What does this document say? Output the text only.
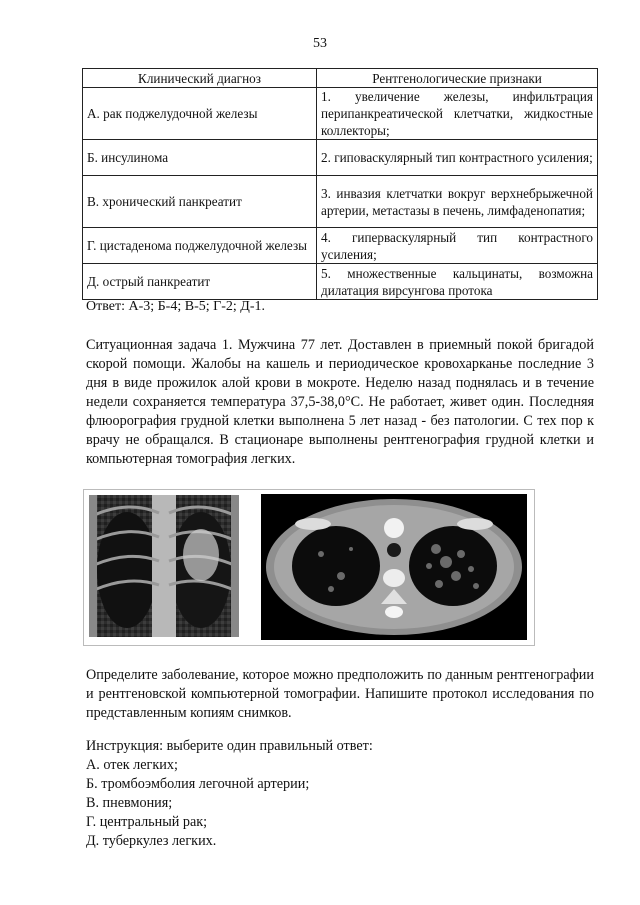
53
Клинический диагноз	Рентгенологические признаки
А. рак поджелудочной железы	1. увеличение железы, инфильтрация перипанкреатической клетчатки, жидкостные коллекторы;
Б. инсулинома	2. гиповаскулярный тип контрастного усиления;
В. хронический панкреатит	3. инвазия клетчатки вокруг верхнебрыжечной артерии, метастазы в печень, лимфаденопатия;
Г. цистаденома поджелудочной железы	4. гиперваскулярный тип контрастного усиления;
Д. острый панкреатит	5. множественные кальцинаты, возможна дилатация вирсунгова протока
Ответ: А-3; Б-4; В-5; Г-2; Д-1.
Ситуационная задача 1. Мужчина 77 лет. Доставлен в приемный покой бригадой скорой помощи. Жалобы на кашель и периодическое кровохарканье последние 3 дня в виде прожилок алой крови в мокроте. Неделю назад поднялась и в течение недели сохраняется температура 37,5-38,0°С. Не работает, живет один. Последняя флюорография грудной клетки выполнена 5 лет назад - без патологии. С тех пор к врачу не обращался. В стационаре выполнены рентгенография грудной клетки и компьютерная томография легких.
Определите заболевание, которое можно предположить по данным рентгенографии и рентгеновской компьютерной томографии. Напишите протокол исследования по представленным копиям снимков.
Инструкция: выберите один правильный ответ:
А. отек легких;
Б. тромбоэмболия легочной артерии;
В. пневмония;
Г. центральный рак;
Д. туберкулез легких.
